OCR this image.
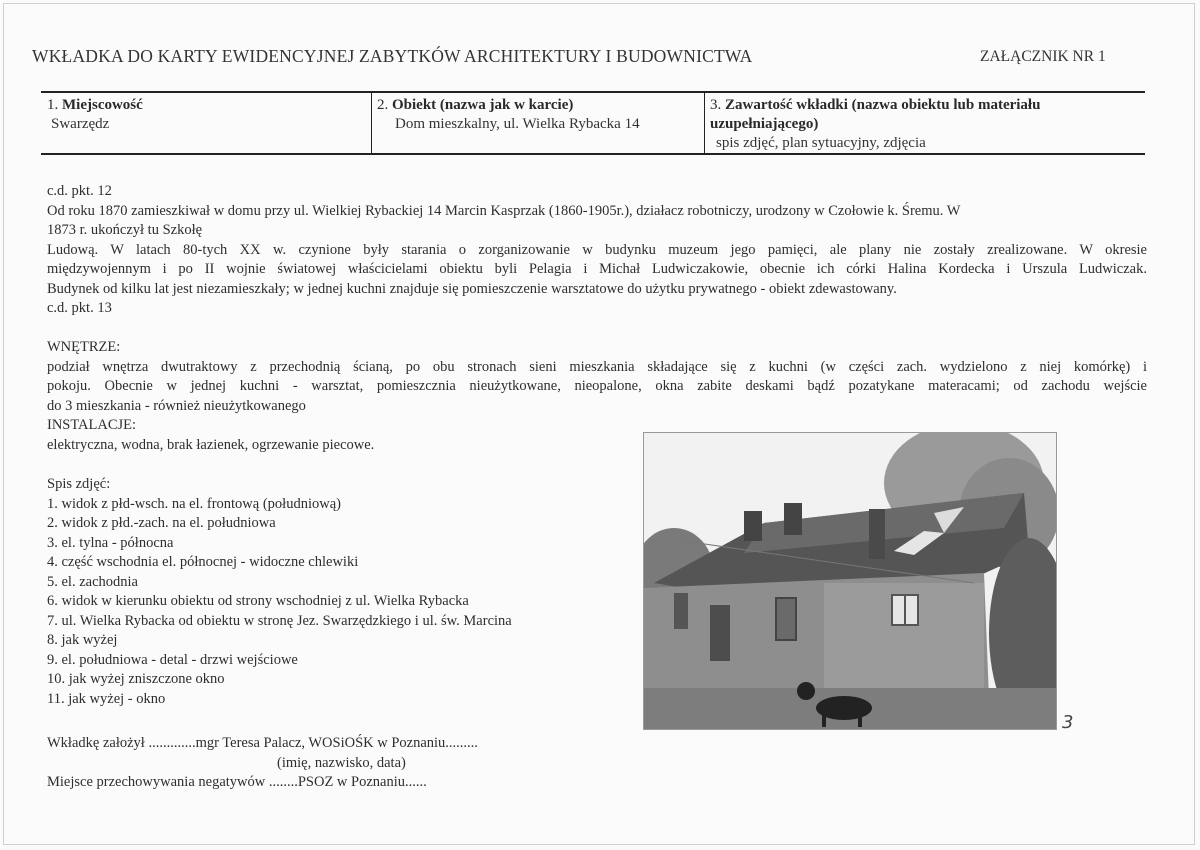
WKŁADKA DO KARTY EWIDENCYJNEJ ZABYTKÓW ARCHITEKTURY I BUDOWNICTWA	ZAŁĄCZNIK NR 1
1. Miejscowość
Swarzędz
2. Obiekt (nazwa jak w karcie)
Dom mieszkalny, ul. Wielka Rybacka 14
3. Zawartość wkładki (nazwa obiektu lub materiału
uzupełniającego)
spis zdjęć, plan sytuacyjny, zdjęcia
c.d. pkt. 12
Od roku 1870 zamieszkiwał w domu przy ul. Wielkiej Rybackiej 14 Marcin Kasprzak (1860-1905r.), działacz robotniczy, urodzony w Czołowie k. Śremu. W
1873 r. ukończył tu Szkołę
Ludową. W latach 80-tych XX w. czynione były starania o zorganizowanie w budynku muzeum jego pamięci, ale plany nie zostały zrealizowane. W okresie
międzywojennym i po II wojnie światowej właścicielami obiektu byli Pelagia i Michał Ludwiczakowie, obecnie ich córki Halina Kordecka i Urszula Ludwiczak.
Budynek od kilku lat jest niezamieszkały; w jednej kuchni znajduje się pomieszczenie warsztatowe do użytku prywatnego - obiekt zdewastowany.
c.d. pkt. 13
WNĘTRZE:
podział wnętrza dwutraktowy z przechodnią ścianą, po obu stronach sieni mieszkania składające się z kuchni (w części zach. wydzielono z niej komórkę) i
pokoju. Obecnie w jednej kuchni - warsztat, pomieszcznia nieużytkowane, nieopalone, okna zabite deskami bądź pozatykane materacami; od zachodu wejście
do 3 mieszkania - również nieużytkowanego
INSTALACJE:
elektryczna, wodna, brak łazienek, ogrzewanie piecowe.
Spis zdjęć:
1. widok z płd-wsch. na el. frontową (południową)
2. widok z płd.-zach. na el. południowa
3. el. tylna - północna
4. część wschodnia el. północnej - widoczne chlewiki
5. el. zachodnia
6. widok w kierunku obiektu od strony wschodniej z ul. Wielka Rybacka
7. ul. Wielka Rybacka od obiektu w stronę Jez. Swarzędzkiego i ul. św. Marcina
8. jak wyżej
9. el. południowa - detal - drzwi wejściowe
10. jak wyżej zniszczone okno
11. jak wyżej - okno
3
Wkładkę założył .............mgr Teresa Palacz, WOSiOŚK w Poznaniu.........
(imię, nazwisko, data)
Miejsce przechowywania negatywów ........PSOZ w Poznaniu......
